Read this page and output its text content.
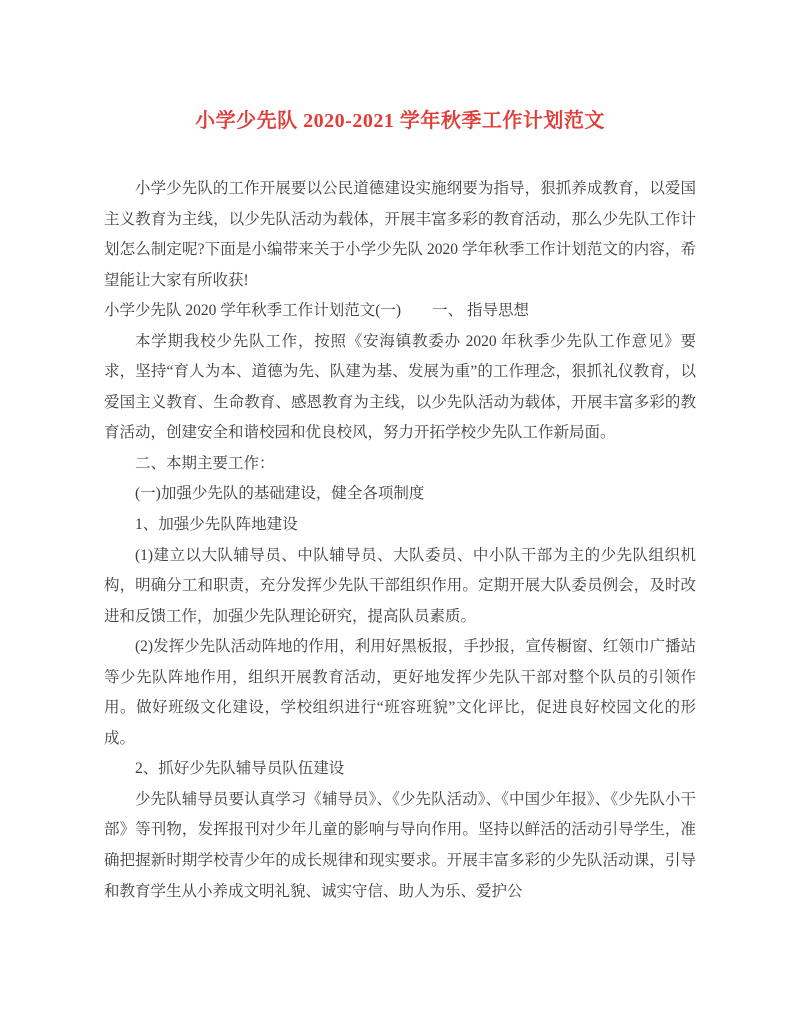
小学少先队 2020-2021 学年秋季工作计划范文

小学少先队的工作开展要以公民道德建设实施纲要为指导，狠抓养成教育，以爱国主义教育为主线，以少先队活动为载体，开展丰富多彩的教育活动，那么少先队工作计划怎么制定呢?下面是小编带来关于小学少先队 2020 学年秋季工作计划范文的内容，希望能让大家有所收获!

小学少先队 2020 学年秋季工作计划范文(一)　　一、 指导思想

本学期我校少先队工作，按照《安海镇教委办 2020 年秋季少先队工作意见》要求，坚持“育人为本、道德为先、队建为基、发展为重”的工作理念，狠抓礼仪教育，以爱国主义教育、生命教育、感恩教育为主线，以少先队活动为载体，开展丰富多彩的教育活动，创建安全和谐校园和优良校风，努力开拓学校少先队工作新局面。

二、本期主要工作：

(一)加强少先队的基础建设，健全各项制度

1、加强少先队阵地建设

(1)建立以大队辅导员、中队辅导员、大队委员、中小队干部为主的少先队组织机构，明确分工和职责，充分发挥少先队干部组织作用。定期开展大队委员例会，及时改进和反馈工作，加强少先队理论研究，提高队员素质。

(2)发挥少先队活动阵地的作用，利用好黑板报，手抄报，宣传橱窗、红领巾广播站等少先队阵地作用，组织开展教育活动，更好地发挥少先队干部对整个队员的引领作用。做好班级文化建设，学校组织进行“班容班貌”文化评比，促进良好校园文化的形成。

2、抓好少先队辅导员队伍建设

少先队辅导员要认真学习《辅导员》、《少先队活动》、《中国少年报》、《少先队小干部》等刊物，发挥报刊对少年儿童的影响与导向作用。坚持以鲜活的活动引导学生，准确把握新时期学校青少年的成长规律和现实要求。开展丰富多彩的少先队活动课，引导和教育学生从小养成文明礼貌、诚实守信、助人为乐、爱护公
